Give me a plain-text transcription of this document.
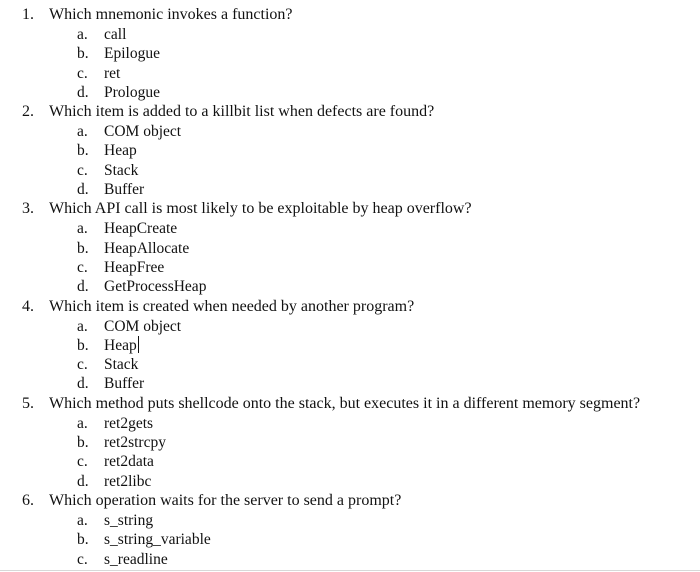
1. Which mnemonic invokes a function?
a.	call
b. Epilogue
c.	ret
d. Prologue
2. Which item is added to a killbit list when defects are found?
a.	COM object
b. Heap
c.	Stack
d. Buffer
3. Which API call is most likely to be exploitable by heap overflow?
a.	HeapCreate
b. HeapAllocate
c.	HeapFree
d. GetProcessHeap
4. Which item is created when needed by another program?
a.	COM object
b. Heap
c.	Stack
d. Buffer
5. Which method puts shellcode onto the stack, but executes it in a different memory segment?
a.	ret2gets
b. ret2strcpy
c.	ret2data
d. ret2libc
6. Which operation waits for the server to send a prompt?
a.	s_string
b. s_string_variable
c.	s_readline
